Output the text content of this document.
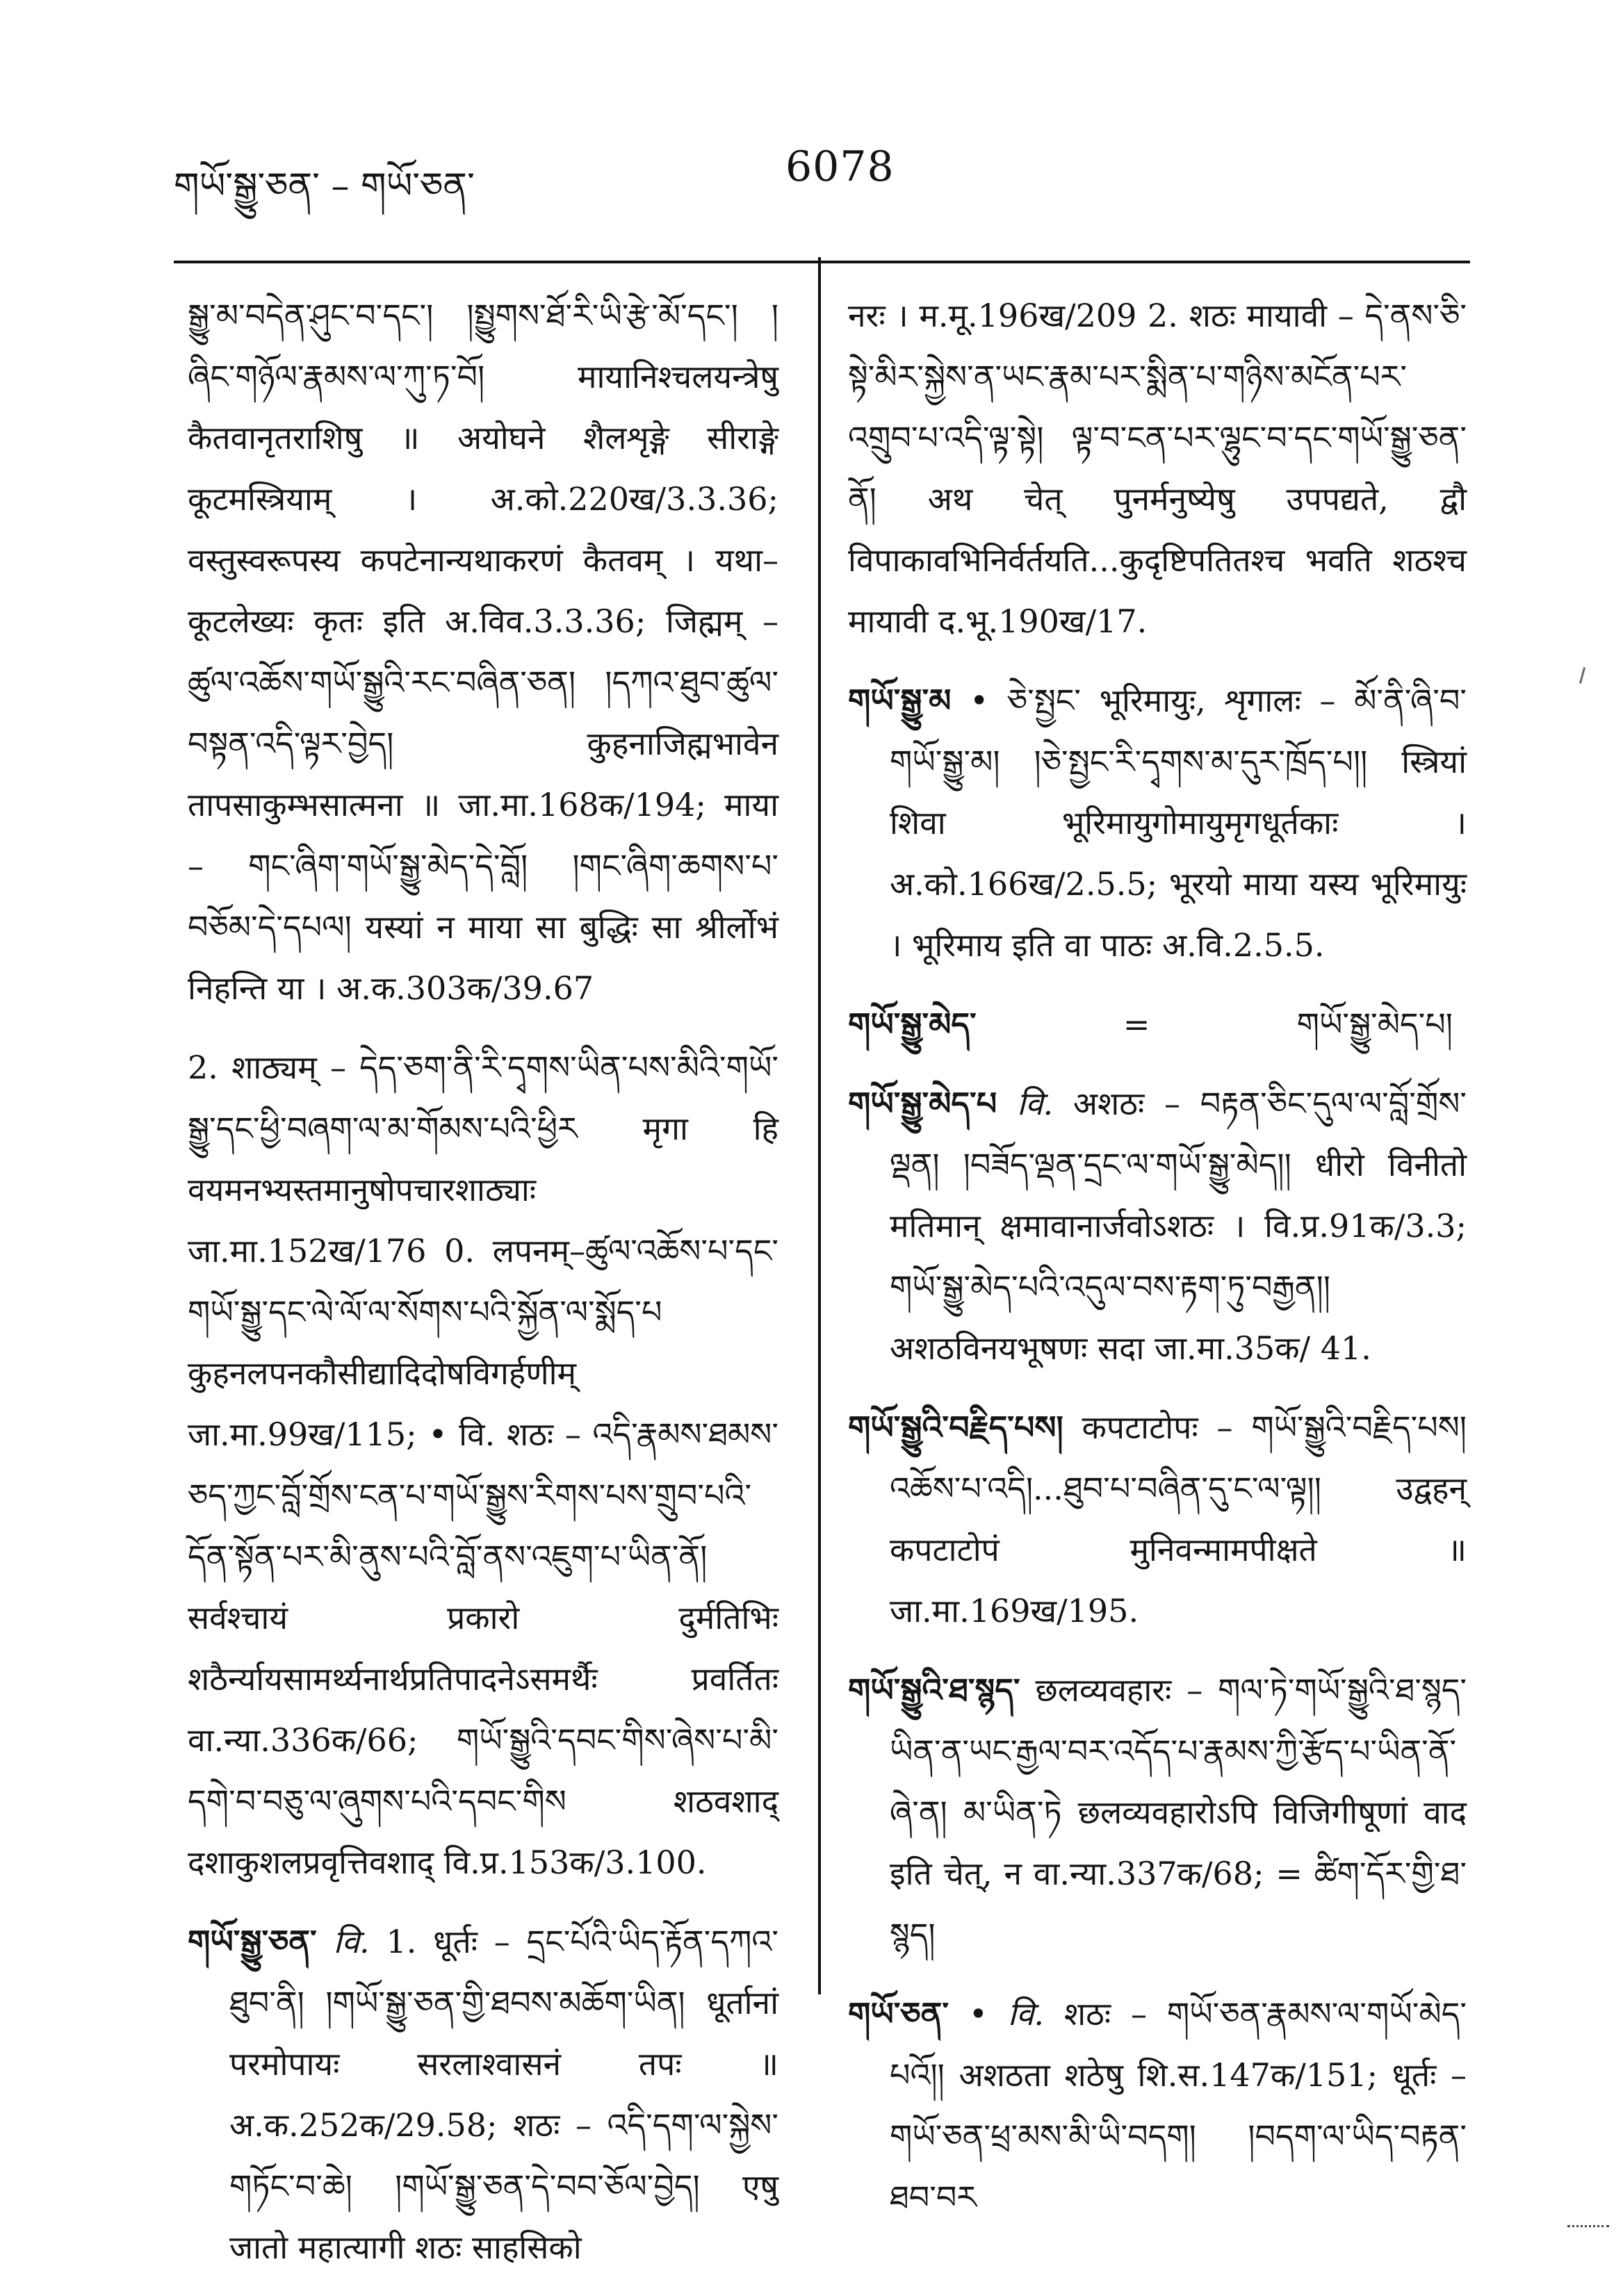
གཡོ་སྒྱུ་ཅན་ – གཡོ་ཅན་	6078

སྒྱུ་མ་བདེན་ཤུང་བ་དང་། །སྤྱུགས་ཐོ་རི་ཡི་རྩེ་མོ་དང་། །ཞིང་གཉོལ་རྣམས་ལ་ཀུ་ཏ་བོ། मायानिश्चलयन्त्रेषु कैतवानृतराशिषु ॥ अयोघने शैलशृङ्गे सीराङ्गे कूटमस्त्रियाम् । अ.को.220ख/3.3.36; वस्तुस्वरूपस्य कपटेनान्यथाकरणं कैतवम् । यथा–कूटलेख्यः कृतः इति अ.विव.3.3.36; जिह्मम् – ཚུལ་འཆོས་གཡོ་སྒྱུའི་རང་བཞིན་ཅན། །དཀའ་ཐུབ་ཚུལ་བསྟན་འདི་ལྟར་བྱེད། कुहनाजिह्मभावेन तापसाकुम्भसात्मना ॥ जा.मा.168क/194; माया – གང་ཞིག་གཡོ་སྒྱུ་མེད་དེ་བློ། །གང་ཞིག་ཆགས་པ་བཅོམ་དེ་དཔལ། यस्यां न माया सा बुद्धिः सा श्रीर्लोभं निहन्ति या । अ.क.303क/39.67

2. शाठ्यम् – དེད་ཅག་ནི་རི་དྭགས་ཡིན་པས་མིའི་གཡོ་སྒྱུ་དང་ཕྱི་བཞག་ལ་མ་གོམས་པའི་ཕྱིར मृगा हि वयमनभ्यस्तमानुषोपचारशाठ्याः जा.मा.152ख/176 0. लपनम्–ཚུལ་འཆོས་པ་དང་གཡོ་སྒྱུ་དང་ལེ་ལོ་ལ་སོགས་པའི་སྐྱོན་ལ་སྨོད་པ कुहनलपनकौसीद्यादिदोषविगर्हणीम् जा.मा.99ख/115; • वि. शठः – འདི་རྣམས་ཐམས་ཅད་ཀྱང་བློ་གྲོས་ངན་པ་གཡོ་སྒྱུས་རིགས་པས་གྲུབ་པའི་དོན་སྟོན་པར་མི་ནུས་པའི་བློ་ནས་འཇུག་པ་ཡིན་ནོ། सर्वश्चायं प्रकारो दुर्मतिभिः शठैर्न्यायसामर्थ्यनार्थप्रतिपादनेऽसमर्थैः प्रवर्तितः वा.न्या.336क/66; གཡོ་སྒྱུའི་དབང་གིས་ཞེས་པ་མི་དགེ་བ་བཅུ་ལ་ཞུགས་པའི་དབང་གིས शठवशाद् दशाकुशलप्रवृत्तिवशाद् वि.प्र.153क/3.100.

གཡོ་སྒྱུ་ཅན་ वि. 1. धूर्तः – དྲང་པོའི་ཡིད་རྟོན་དཀའ་ཐུབ་ནི། །གཡོ་སྒྱུ་ཅན་གྱི་ཐབས་མཆོག་ཡིན། धूर्तानां परमोपायः सरलाश्वासनं तपः ॥ अ.क.252क/29.58; शठः – འདི་དག་ལ་སྐྱེས་གཏོང་བ་ཆེ། །གཡོ་སྒྱུ་ཅན་དེ་བབ་ཅོལ་བྱེད། एषु जातो महात्यागी शठः साहसिको

नरः । म.मू.196ख/209 2. शठः मायावी – དེ་ནས་ཅི་སྟེ་མིར་སྐྱེས་ན་ཡང་རྣམ་པར་སྨིན་པ་གཉིས་མངོན་པར་འགྲུབ་པ་འདི་ལྟ་སྟེ། ལྟ་བ་ངན་པར་ལྷུང་བ་དང་གཡོ་སྒྱུ་ཅན་ནོ། अथ चेत् पुनर्मनुष्येषु उपपद्यते, द्वौ विपाकावभिनिर्वर्तयति...कुदृष्टिपतितश्च भवति शठश्च मायावी द.भू.190ख/17.

གཡོ་སྒྱུ་མ • ཅེ་སྤྱང་ भूरिमायुः, शृगालः – མོ་ནི་ཞི་བ་གཡོ་སྒྱུ་མ། །ཅེ་སྤྱང་རི་དྭགས་མ་དུར་ཁྲོད་པ།། स्त्रियां शिवा भूरिमायुगोमायुमृगधूर्तकाः । अ.को.166ख/2.5.5; भूरयो माया यस्य भूरिमायुः । भूरिमाय इति वा पाठः अ.वि.2.5.5.

གཡོ་སྒྱུ་མེད་	=	གཡོ་སྒྱུ་མེད་པ།

གཡོ་སྒྱུ་མེད་པ वि. अशठः – བརྟན་ཅིང་དུལ་ལ་བློ་གྲོས་ལྡན། །བཟོད་ལྡན་དྲང་ལ་གཡོ་སྒྱུ་མེད།། धीरो विनीतो मतिमान् क्षमावानार्जवोऽशठः । वि.प्र.91क/3.3; གཡོ་སྒྱུ་མེད་པའི་འདུལ་བས་རྟག་ཏུ་བརྒྱན།། अशठविनयभूषणः सदा जा.मा.35क/ 41.

གཡོ་སྒྱུའི་བརྗིད་པས། कपटाटोपः – གཡོ་སྒྱུའི་བརྗིད་པས། འཆོས་པ་འདི།...ཐུབ་པ་བཞིན་དུ་ང་ལ་ལྟ།། उद्वहन् कपटाटोपं मुनिवन्मामपीक्षते ॥ जा.मा.169ख/195.

གཡོ་སྒྱུའི་ཐ་སྙད་ छलव्यवहारः – གལ་ཏེ་གཡོ་སྒྱུའི་ཐ་སྙད་ཡིན་ན་ཡང་རྒྱལ་བར་འདོད་པ་རྣམས་ཀྱི་རྩོད་པ་ཡིན་ནོ་ཞེ་ན། མ་ཡིན་ཏེ छलव्यवहारोऽपि विजिगीषूणां वाद इति चेत्, न वा.न्या.337क/68; = ཚིག་དོར་གྱི་ཐ་སྙད།

གཡོ་ཅན་ • वि. शठः – གཡོ་ཅན་རྣམས་ལ་གཡོ་མེད་པའོ།། अशठता शठेषु शि.स.147क/151; धूर्तः – གཡོ་ཅན་ཕྲ་མས་མི་ཡི་བདག། །བདག་ལ་ཡིད་བརྟན་ཐབ་བར
